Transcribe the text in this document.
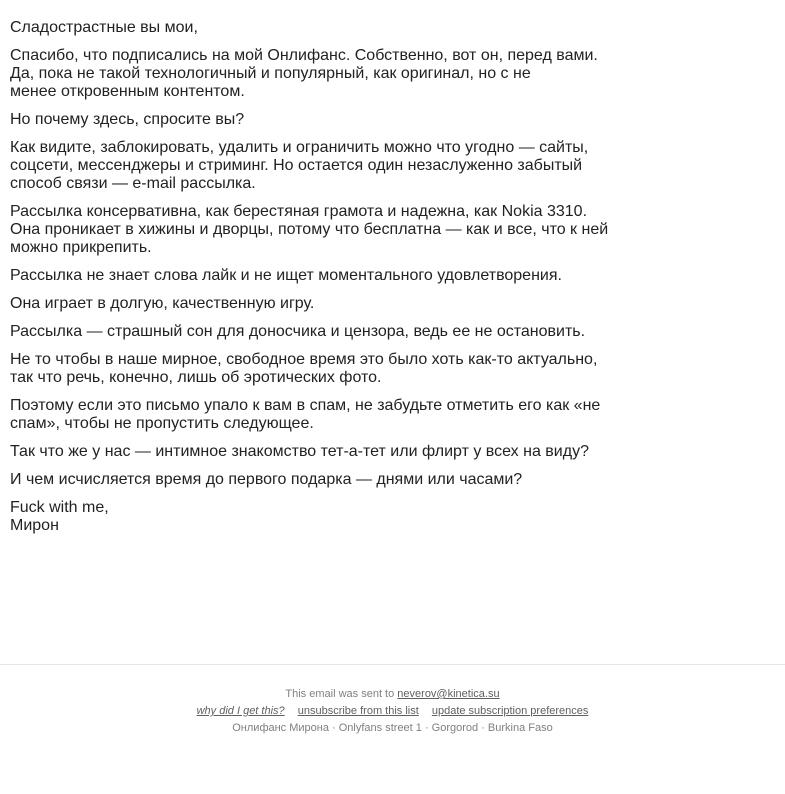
Сладострастные вы мои,

Спасибо, что подписались на мой Онлифанс. Собственно, вот он, перед вами.
Да, пока не такой технологичный и популярный, как оригинал, но с не
менее откровенным контентом.

Но почему здесь, спросите вы?

Как видите, заблокировать, удалить и ограничить можно что угодно — сайты,
соцсети, мессенджеры и стриминг. Но остается один незаслуженно забытый
способ связи — e-mail рассылка.

Рассылка консервативна, как берестяная грамота и надежна, как Nokia 3310.
Она проникает в хижины и дворцы, потому что бесплатна — как и все, что к ней
можно прикрепить.

Рассылка не знает слова лайк и не ищет моментального удовлетворения.

Она играет в долгую, качественную игру.

Рассылка — страшный сон для доносчика и цензора, ведь ее не остановить.

Не то чтобы в наше мирное, свободное время это было хоть как-то актуально,
так что речь, конечно, лишь об эротических фото.

Поэтому если это письмо упало к вам в спам, не забудьте отметить его как «не
спам», чтобы не пропустить следующее.

Так что же у нас — интимное знакомство тет-а-тет или флирт у всех на виду?

И чем исчисляется время до первого подарка — днями или часами?

Fuck with me,
Мирон

This email was sent to neverov@kinetica.su
why did I get this? unsubscribe from this list update subscription preferences
Онлифанс Мирона · Onlyfans street 1 · Gorgorod · Burkina Faso
